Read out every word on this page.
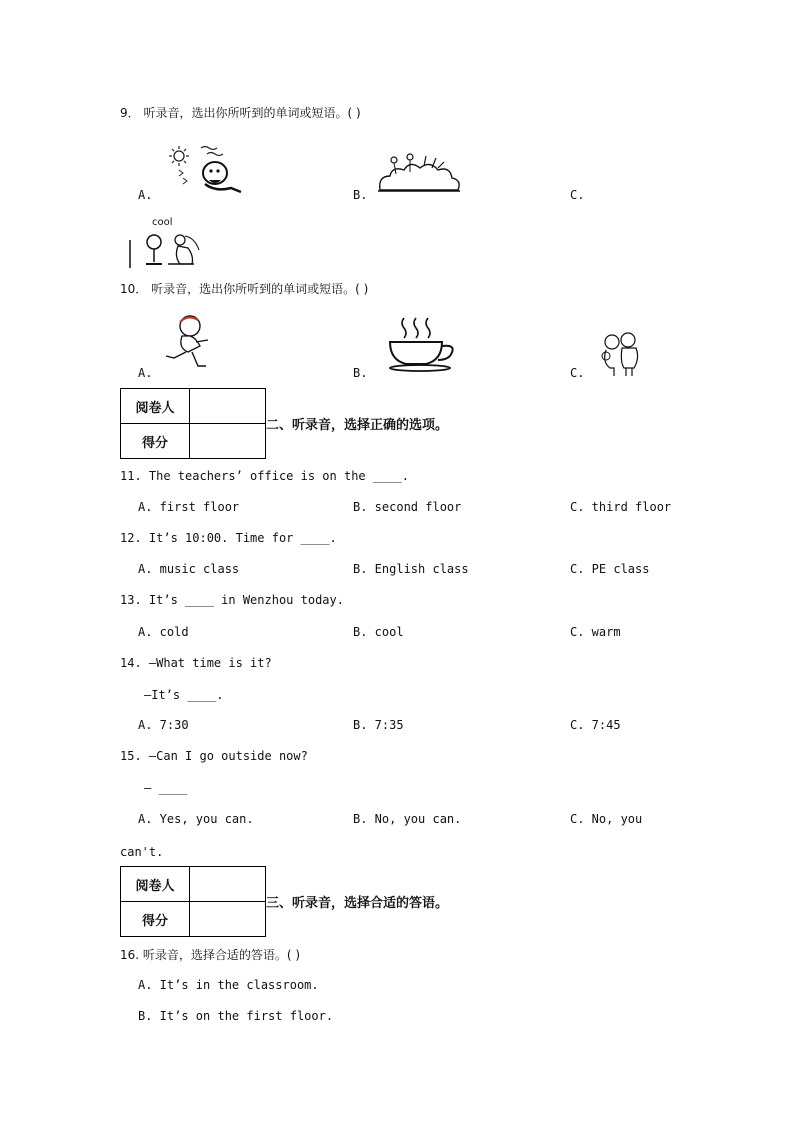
9． 听录音，选出你所听到的单词或短语。( )
A.	B.	C.
cool
10． 听录音，选出你所听到的单词或短语。( )
A.	B.	C.
阅卷人	
得分	
二、听录音，选择正确的选项。
11. The teachers’ office is on the ____.
A. first floor	B. second floor	C. third floor
12. It’s 10:00. Time for ____.
A. music class	B. English class	C. PE class
13. It’s ____ in Wenzhou today.
A. cold	B. cool	C. warm
14. —What time is it?
—It’s ____.
A. 7:30	B. 7:35	C. 7:45
15. —Can I go outside now?
— ____
A. Yes, you can.	B. No, you can.	C. No, you
can't.
阅卷人	
得分	
三、听录音，选择合适的答语。
16. 听录音，选择合适的答语。( )
A. It’s in the classroom.
B. It’s on the first floor.
